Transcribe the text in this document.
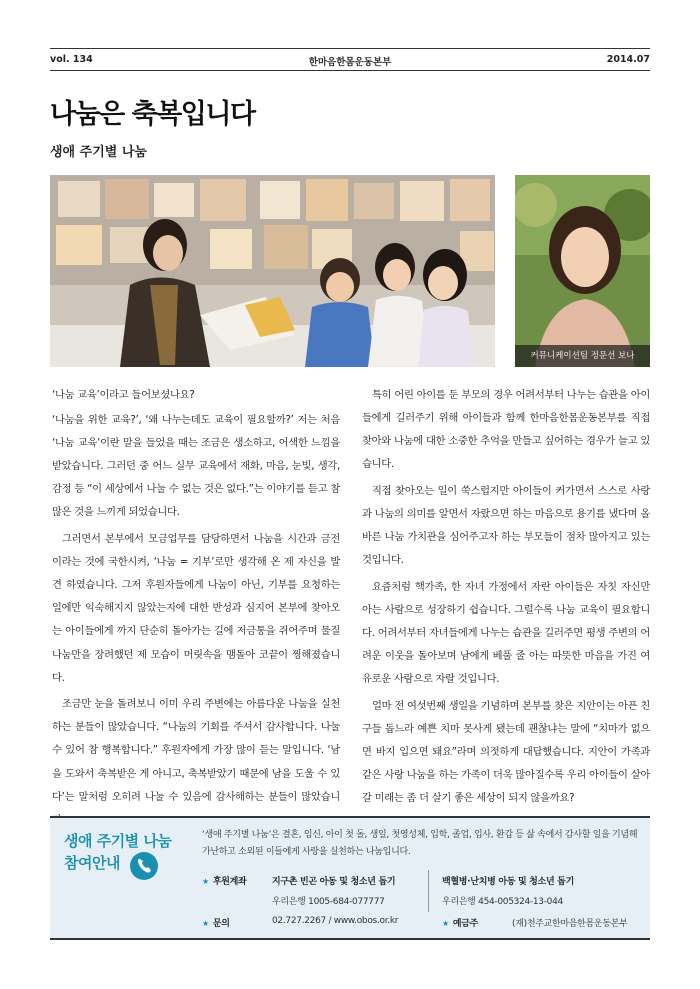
vol. 134	한마음한몸운동본부	2014.07
나눔은 축복입니다
생애 주기별 나눔
커뮤니케이션팀 정문선 보나

‘나눔 교육’이라고 들어보셨나요?

‘나눔을 위한 교육?’, ‘왜 나누는데도 교육이 필요할까?’ 저는 처음 ‘나눔 교육’이란 말을 들었을 때는 조금은 생소하고, 어색한 느낌을 받았습니다. 그러던 중 어느 실무 교육에서 재화, 마음, 눈빛, 생각, 감정 등 “이 세상에서 나눌 수 없는 것은 없다.”는 이야기를 듣고 참 많은 것을 느끼게 되었습니다.

그러면서 본부에서 모금업무를 담당하면서 나눔을 시간과 금전이라는 것에 국한시켜, ‘나눔 = 기부’로만 생각해 온 제 자신을 발견 하였습니다. 그저 후원자들에게 나눔이 아닌, 기부를 요청하는 일에만 익숙해지지 않았는지에 대한 반성과 심지어 본부에 찾아오는 아이들에게 까지 단순히 돌아가는 길에 저금통을 쥐어주며 물질 나눔만을 장려했던 제 모습이 머릿속을 맴돌아 코끝이 찡해졌습니다.

조금만 눈을 돌려보니 이미 우리 주변에는 아름다운 나눔을 실천하는 분들이 많았습니다. “나눔의 기회를 주셔서 감사합니다. 나눌 수 있어 참 행복합니다.” 후원자에게 가장 많이 듣는 말입니다. ‘남을 도와서 축복받은 게 아니고, 축복받았기 때문에 남을 도울 수 있다’는 말처럼 오히려 나눌 수 있음에 감사해하는 분들이 많았습니

특히 어린 아이를 둔 부모의 경우 어려서부터 나누는 습관을 아이들에게 길러주기 위해 아이들과 함께 한마음한몸운동본부를 직접 찾아와 나눔에 대한 소중한 추억을 만들고 싶어하는 경우가 늘고 있습니다.

직접 찾아오는 일이 쑥스럽지만 아이들이 커가면서 스스로 사랑과 나눔의 의미를 알면서 자랐으면 하는 마음으로 용기를 냈다며 올바른 나눔 가치관을 심어주고자 하는 부모들이 점차 많아지고 있는 것입니다.

요즘처럼 핵가족, 한 자녀 가정에서 자란 아이들은 자칫 자신만 아는 사람으로 성장하기 쉽습니다. 그럴수록 나눔 교육이 필요합니다. 어려서부터 자녀들에게 나누는 습관을 길러주면 평생 주변의 어려운 이웃을 돌아보며 남에게 베풀 줄 아는 따뜻한 마음을 가진 여유로운 사람으로 자랄 것입니다.

얼마 전 여섯번째 생일을 기념하며 본부를 찾은 지안이는 아픈 친구들 돕느라 예쁜 치마 못사게 됐는데 괜찮냐는 말에 “치마가 없으면 바지 입으면 돼요”라며 의젓하게 대답했습니다. 지안이 가족과 같은 사랑 나눔을 하는 가족이 더욱 많아질수록 우리 아이들이 살아갈 미래는 좀 더 살기 좋은 세상이 되지 않을까요?

생애 주기별 나눔
참여안내
‘생애 주기별 나눔’은 결혼, 임신, 아이 첫 돌, 생일, 첫영성체, 입학, 졸업, 입사, 환갑 등 삶 속에서 감사할 일을 기념해 가난하고 소외된 이들에게 사랑을 실천하는 나눔입니다.
★ 후원계좌	지구촌 빈곤 아동 및 청소년 돕기
우리은행 1005-684-077777
백혈병·난치병 아동 및 청소년 돕기
우리은행 454-005324-13-044
★ 문의	02.727.2267 / www.obos.or.kr	★ 예금주	(재)천주교한마음한몸운동본부
